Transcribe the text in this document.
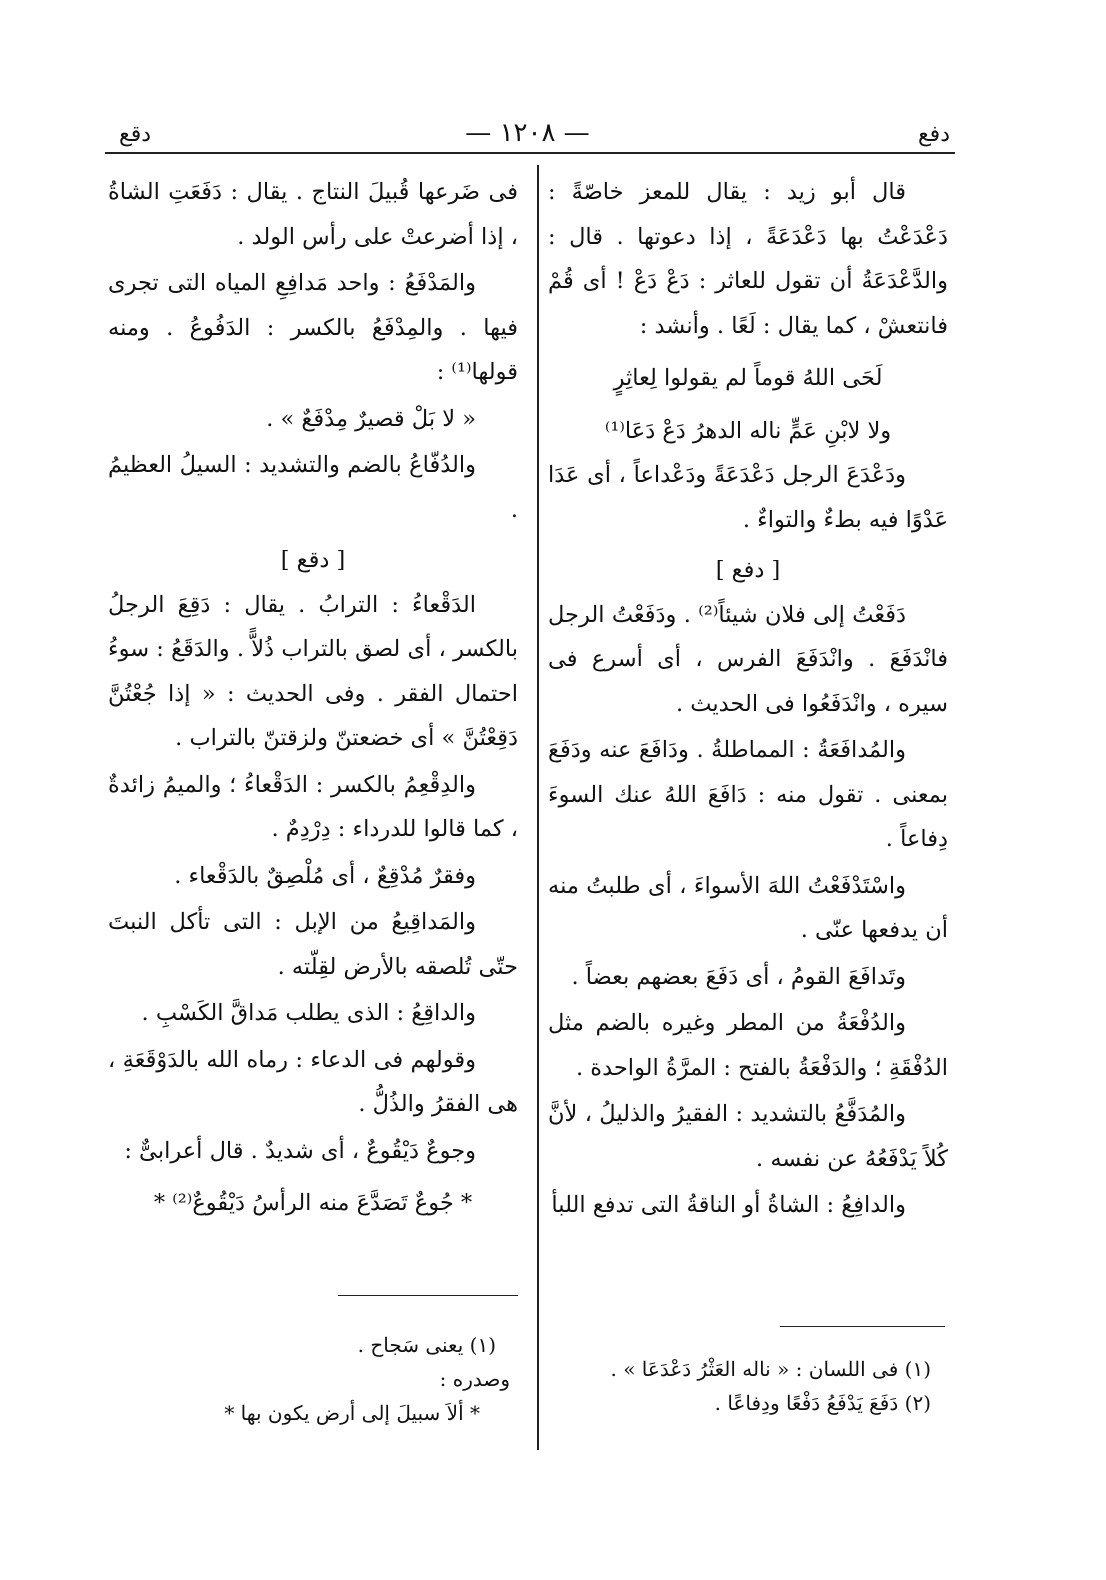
دقع	— ١٢٠٨ —	دفع

قال أبو زيد : يقال للمعز خاصّةً : دَعْدَعْتُ بها دَعْدَعَةً ، إذا دعوتها . قال : والدَّعْدَعَةُ أن تقول للعاثر : دَعْ دَعْ ! أى قُمْ فانتعشْ ، كما يقال : لَعًا . وأنشد :

لَحَى اللهُ قوماً لم يقولوا لِعاثِرٍ

ولا لابْنِ عَمٍّ ناله الدهرُ دَعْ دَعَا⁽¹⁾

ودَعْدَعَ الرجل دَعْدَعَةً ودَعْداعاً ، أى عَدَا عَدْوًا فيه بطءٌ والتواءٌ .

[ دفع ]

دَفَعْتُ إلى فلان شيئاً⁽²⁾ . ودَفَعْتُ الرجل فانْدَفَعَ . وانْدَفَعَ الفرس ، أى أسرع فى سيره ، وانْدَفَعُوا فى الحديث .

والمُدافَعَةُ : المماطلةُ . ودَافَعَ عنه ودَفَعَ بمعنى . تقول منه : دَافَعَ اللهُ عنك السوءَ دِفاعاً .

واسْتَدْفَعْتُ اللهَ الأسواءَ ، أى طلبتُ منه أن يدفعها عنّى .

وتَدافَعَ القومُ ، أى دَفَعَ بعضهم بعضاً .

والدُفْعَةُ من المطر وغيره بالضم مثل الدُفْقَةِ ؛ والدَفْعَةُ بالفتح : المرَّةُ الواحدة .

والمُدَفَّعُ بالتشديد : الفقيرُ والذليلُ ، لأنَّ كُلاً يَدْفَعُهُ عن نفسه .

والدافِعُ : الشاةُ أو الناقةُ التى تدفع اللبأ

فى ضَرعها قُبيلَ النتاج . يقال : دَفَعَتِ الشاةُ ، إذا أضرعتْ على رأس الولد .

والمَدْفَعُ : واحد مَدافِعِ المياه التى تجرى فيها . والمِدْفَعُ بالكسر : الدَفُوعُ . ومنه قولها⁽¹⁾ :

« لا بَلْ قصيرٌ مِدْفَعٌ » .

والدُفّاعُ بالضم والتشديد : السيلُ العظيمُ .

[ دقع ]

الدَقْعاءُ : الترابُ . يقال : دَقِعَ الرجلُ بالكسر ، أى لصق بالتراب ذُلاًّ . والدَقَعُ : سوءُ احتمال الفقر . وفى الحديث : « إذا جُعْتُنَّ دَقِعْتُنَّ » أى خضعتنّ ولزقتنّ بالتراب .

والدِقْعِمُ بالكسر : الدَقْعاءُ ؛ والميمُ زائدةٌ ، كما قالوا للدرداء : دِرْدِمٌ .

وفقرٌ مُدْقِعٌ ، أى مُلْصِقٌ بالدَقْعاء .

والمَداقِيعُ من الإبل : التى تأكل النبتَ حتّى تُلصقه بالأرض لقِلّته .

والداقِعُ : الذى يطلب مَداقَّ الكَسْبِ .

وقولهم فى الدعاء : رماه الله بالدَوْقَعَةِ ، هى الفقرُ والذُلُّ .

وجوعٌ دَيْقُوعٌ ، أى شديدٌ . قال أعرابىٌّ :

* جُوعٌ تَصَدَّعَ منه الرأسُ دَيْقُوعٌ⁽²⁾ *

(١) فى اللسان : « ناله العَثْرُ دَعْدَعَا » .

(٢) دَفَعَ يَدْفَعُ دَفْعًا ودِفاعًا .

(١) يعنى سَجاح .

وصدره :

* ألاَ سبيلَ إلى أرض يكون بها *
